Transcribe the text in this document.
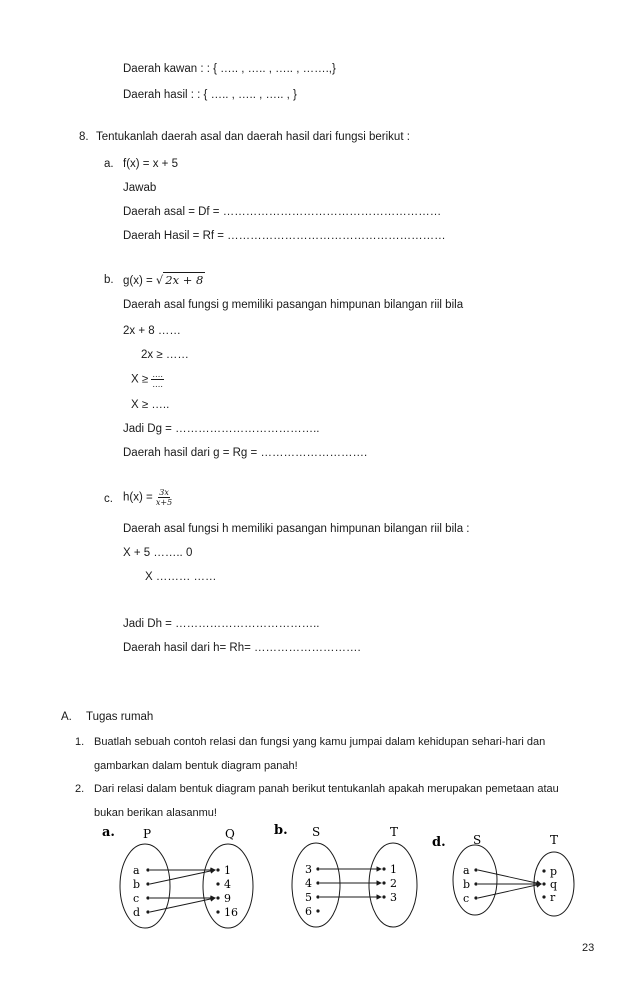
Daerah kawan : : { ….. , ….. , ….. , …….,}
Daerah hasil : : { ….. , ….. , ….. , }
8. Tentukanlah daerah asal dan daerah hasil dari fungsi berikut :
a. f(x) = x + 5
Jawab
Daerah asal = Df = …………………………………………………
Daerah Hasil = Rf = …………………………………………………
b. g(x) = √ 2x + 8
Daerah asal fungsi g memiliki pasangan himpunan bilangan riil bila
2x + 8 ……
2x ≥ ……
$X \ge \frac{\dots.}{\dots.}$
X ≥ …..
Jadi Dg = ………………………………..
Daerah hasil dari g = Rg = ……………………….
c. $h(x) = \frac{3x}{x+5}$
Daerah asal fungsi h memiliki pasangan himpunan bilangan riil bila :
X + 5 …….. 0
X ……… ……
Jadi Dh = ………………………………..
Daerah hasil dari h= Rh= ……………………….
A. Tugas rumah
1. Buatlah sebuah contoh relasi dan fungsi yang kamu jumpai dalam kehidupan sehari-hari dan
gambarkan dalam bentuk diagram panah!
2. Dari relasi dalam bentuk diagram panah berikut tentukanlah apakah merupakan pemetaan atau
bukan berikan alasanmu!
a. P	Q
a
b
c
d
1
4
9
16
b. S	T
3
4
5
6
1
2
3
d. S	T
a
b
c
p
q
r
23
